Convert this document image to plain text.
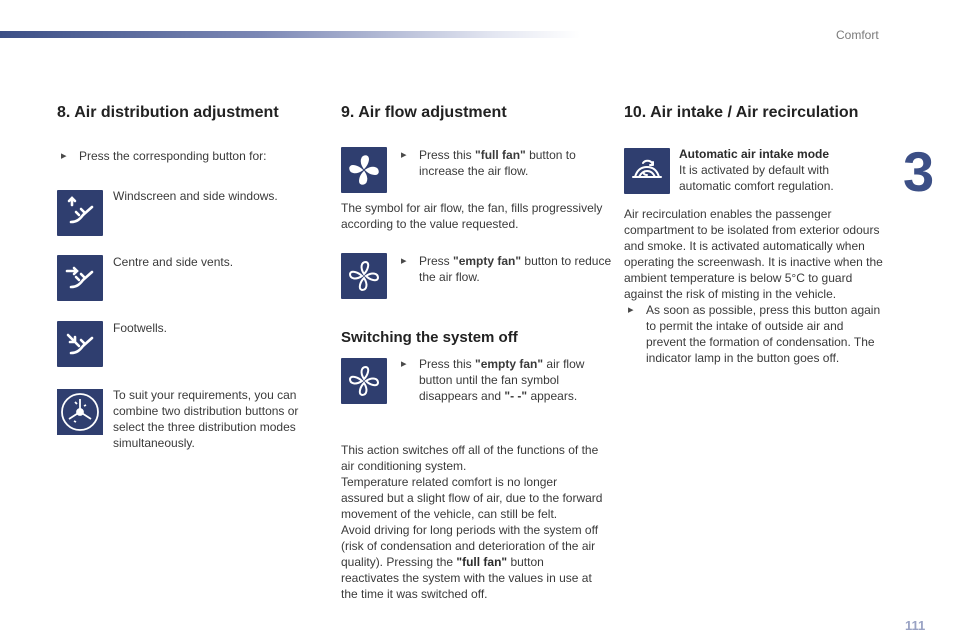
Comfort
3
111
8. Air distribution adjustment

▸ Press the corresponding button for:

Windscreen and side windows.

Centre and side vents.

Footwells.

To suit your requirements, you can combine two distribution buttons or select the three distribution modes simultaneously.

9. Air flow adjustment

▸ Press this "full fan" button to increase the air flow.

The symbol for air flow, the fan, fills progressively according to the value requested.

▸ Press "empty fan" button to reduce the air flow.

Switching the system off

▸ Press this "empty fan" air flow button until the fan symbol disappears and "- -" appears.

This action switches off all of the functions of the air conditioning system.
Temperature related comfort is no longer assured but a slight flow of air, due to the forward movement of the vehicle, can still be felt.
Avoid driving for long periods with the system off (risk of condensation and deterioration of the air quality). Pressing the "full fan" button reactivates the system with the values in use at the time it was switched off.
10. Air intake / Air recirculation

Automatic air intake mode
It is activated by default with automatic comfort regulation.

Air recirculation enables the passenger compartment to be isolated from exterior odours and smoke. It is activated automatically when operating the screenwash. It is inactive when the ambient temperature is below 5°C to guard against the risk of misting in the vehicle.

▸ As soon as possible, press this button again to permit the intake of outside air and prevent the formation of condensation. The indicator lamp in the button goes off.
